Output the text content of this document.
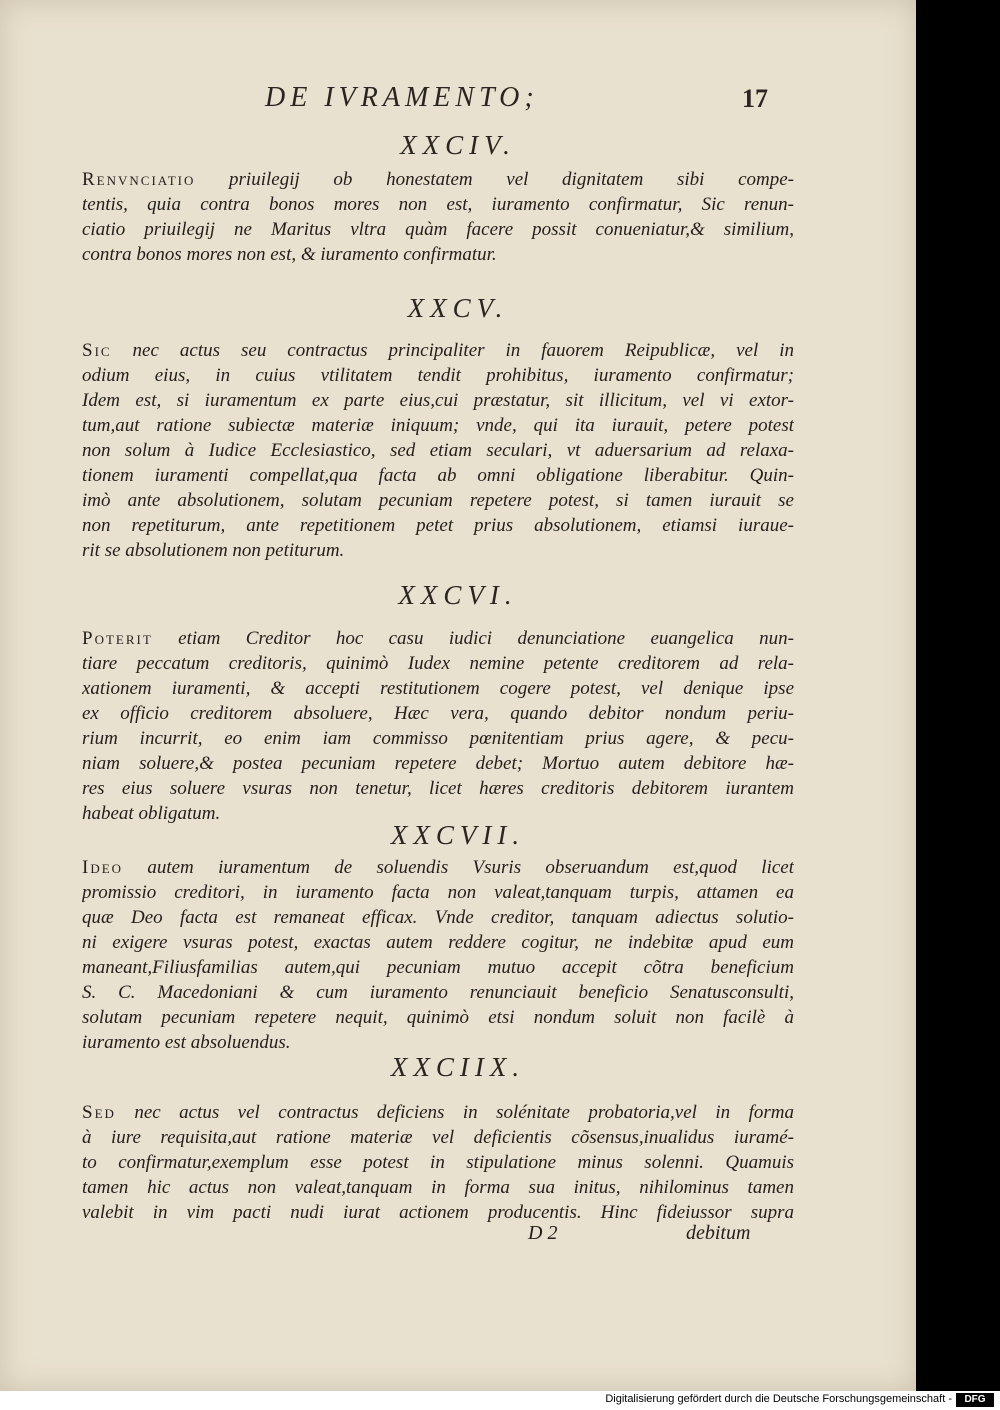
DE IVRAMENTO;	17
XXCIV.
Renvnciatio priuilegij ob honestatem vel dignitatem sibi compe-
tentis, quia contra bonos mores non est, iuramento confirmatur, Sic renun-
ciatio priuilegij ne Maritus vltra quàm facere possit conueniatur,& similium,
contra bonos mores non est, & iuramento confirmatur.
XXCV.
Sic nec actus seu contractus principaliter in fauorem Reipublicæ, vel in
odium eius, in cuius vtilitatem tendit prohibitus, iuramento confirmatur;
Idem est, si iuramentum ex parte eius,cui præstatur, sit illicitum, vel vi extor-
tum,aut ratione subiectæ materiæ iniquum; vnde, qui ita iurauit, petere potest
non solum à Iudice Ecclesiastico, sed etiam seculari, vt aduersarium ad relaxa-
tionem iuramenti compellat,qua facta ab omni obligatione liberabitur. Quin-
imò ante absolutionem, solutam pecuniam repetere potest, si tamen iurauit se
non repetiturum, ante repetitionem petet prius absolutionem, etiamsi iuraue-
rit se absolutionem non petiturum.
XXCVI.
Poterit etiam Creditor hoc casu iudici denunciatione euangelica nun-
tiare peccatum creditoris, quinimò Iudex nemine petente creditorem ad rela-
xationem iuramenti, & accepti restitutionem cogere potest, vel denique ipse
ex officio creditorem absoluere, Hæc vera, quando debitor nondum periu-
rium incurrit, eo enim iam commisso pœnitentiam prius agere, & pecu-
niam soluere,& postea pecuniam repetere debet; Mortuo autem debitore hæ-
res eius soluere vsuras non tenetur, licet hæres creditoris debitorem iurantem
habeat obligatum.
XXCVII.
Ideo autem iuramentum de soluendis Vsuris obseruandum est,quod licet
promissio creditori, in iuramento facta non valeat,tanquam turpis, attamen ea
quæ Deo facta est remaneat efficax. Vnde creditor, tanquam adiectus solutio-
ni exigere vsuras potest, exactas autem reddere cogitur, ne indebitæ apud eum
maneant,Filiusfamilias autem,qui pecuniam mutuo accepit cõtra beneficium
S. C. Macedoniani & cum iuramento renunciauit beneficio Senatusconsulti,
solutam pecuniam repetere nequit, quinimò etsi nondum soluit non facilè à
iuramento est absoluendus.
XXCIIX.
Sed nec actus vel contractus deficiens in solénitate probatoria,vel in forma
à iure requisita,aut ratione materiæ vel deficientis cõsensus,inualidus iuramé-
to confirmatur,exemplum esse potest in stipulatione minus solenni. Quamuis
tamen hic actus non valeat,tanquam in forma sua initus, nihilominus tamen
valebit in vim pacti nudi iurat actionem producentis. Hinc fideiussor supra
D 2	debitum
Digitalisierung gefördert durch die Deutsche Forschungsgemeinschaft -	DFG
